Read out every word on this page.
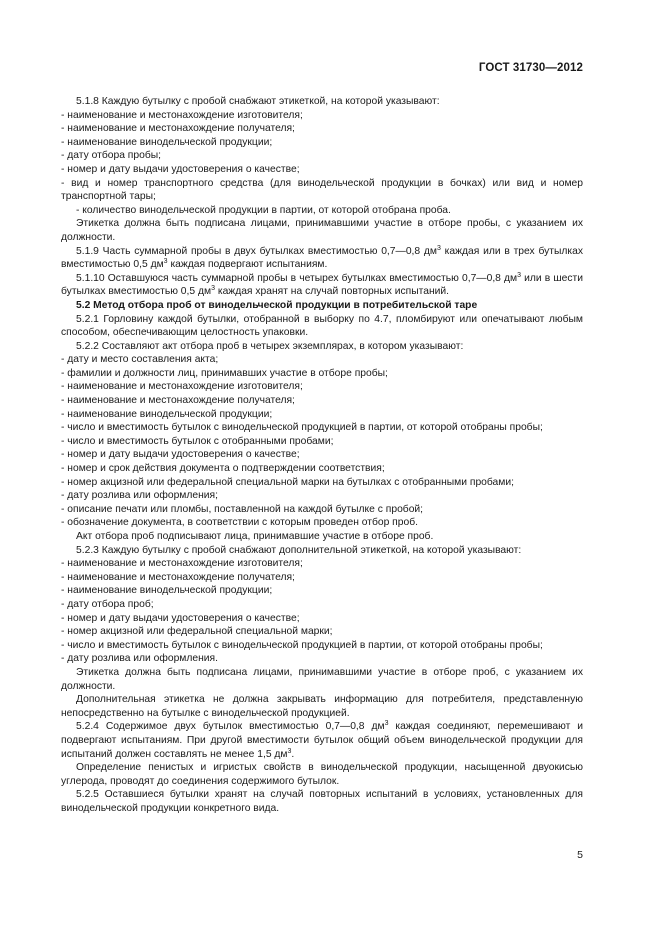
ГОСТ 31730—2012

5.1.8 Каждую бутылку с пробой снабжают этикеткой, на которой указывают:

- наименование и местонахождение изготовителя;

- наименование и местонахождение получателя;

- наименование винодельческой продукции;

- дату отбора пробы;

- номер и дату выдачи удостоверения о качестве;

- вид и номер транспортного средства (для винодельческой продукции в бочках) или вид и номер транспортной тары;

- количество винодельческой продукции в партии, от которой отобрана проба.

Этикетка должна быть подписана лицами, принимавшими участие в отборе пробы, с указанием их должности.

5.1.9 Часть суммарной пробы в двух бутылках вместимостью 0,7—0,8 $дм^3$ каждая или в трех бутылках вместимостью 0,5 $дм^3$ каждая подвергают испытаниям.

5.1.10 Оставшуюся часть суммарной пробы в четырех бутылках вместимостью 0,7—0,8 $дм^3$ или в шести бутылках вместимостью 0,5 $дм^3$ каждая хранят на случай повторных испытаний.

5.2 Метод отбора проб от винодельческой продукции в потребительской таре

5.2.1 Горловину каждой бутылки, отобранной в выборку по 4.7, пломбируют или опечатывают любым способом, обеспечивающим целостность упаковки.

5.2.2 Составляют акт отбора проб в четырех экземплярах, в котором указывают:

- дату и место составления акта;

- фамилии и должности лиц, принимавших участие в отборе пробы;

- наименование и местонахождение изготовителя;

- наименование и местонахождение получателя;

- наименование винодельческой продукции;

- число и вместимость бутылок с винодельческой продукцией в партии, от которой отобраны пробы;

- число и вместимость бутылок с отобранными пробами;

- номер и дату выдачи удостоверения о качестве;

- номер и срок действия документа о подтверждении соответствия;

- номер акцизной или федеральной специальной марки на бутылках с отобранными пробами;

- дату розлива или оформления;

- описание печати или пломбы, поставленной на каждой бутылке с пробой;

- обозначение документа, в соответствии с которым проведен отбор проб.

Акт отбора проб подписывают лица, принимавшие участие в отборе проб.

5.2.3 Каждую бутылку с пробой снабжают дополнительной этикеткой, на которой указывают:

- наименование и местонахождение изготовителя;

- наименование и местонахождение получателя;

- наименование винодельческой продукции;

- дату отбора проб;

- номер и дату выдачи удостоверения о качестве;

- номер акцизной или федеральной специальной марки;

- число и вместимость бутылок с винодельческой продукцией в партии, от которой отобраны пробы;

- дату розлива или оформления.

Этикетка должна быть подписана лицами, принимавшими участие в отборе проб, с указанием их должности.

Дополнительная этикетка не должна закрывать информацию для потребителя, представленную непосредственно на бутылке с винодельческой продукцией.

5.2.4 Содержимое двух бутылок вместимостью 0,7—0,8 $дм^3$ каждая соединяют, перемешивают и подвергают испытаниям. При другой вместимости бутылок общий объем винодельческой продукции для испытаний должен составлять не менее 1,5 $дм^3$.

Определение пенистых и игристых свойств в винодельческой продукции, насыщенной двуокисью углерода, проводят до соединения содержимого бутылок.

5.2.5 Оставшиеся бутылки хранят на случай повторных испытаний в условиях, установленных для винодельческой продукции конкретного вида.

5
